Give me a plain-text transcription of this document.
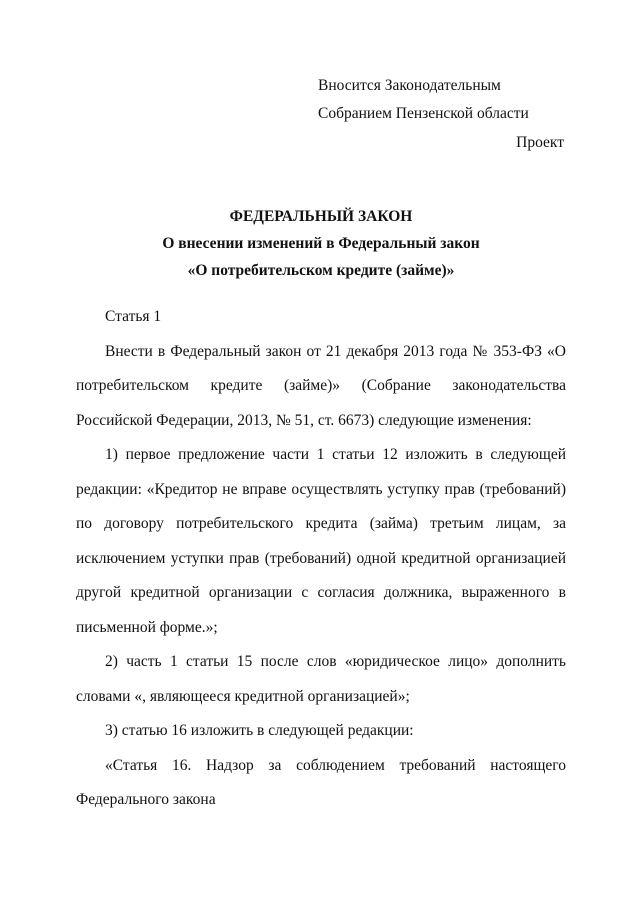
Вносится Законодательным
Собранием Пензенской области
Проект
ФЕДЕРАЛЬНЫЙ ЗАКОН
О внесении изменений в Федеральный закон
«О потребительском кредите (займе)»

Статья 1

Внести в Федеральный закон от 21 декабря 2013 года № 353-ФЗ «О потребительском кредите (займе)» (Собрание законодательства Российской Федерации, 2013, № 51, ст. 6673) следующие изменения:

1) первое предложение части 1 статьи 12 изложить в следующей редакции: «Кредитор не вправе осуществлять уступку прав (требований) по договору потребительского кредита (займа) третьим лицам, за исключением уступки прав (требований) одной кредитной организацией другой кредитной организации с согласия должника, выраженного в письменной форме.»;

2) часть 1 статьи 15 после слов «юридическое лицо» дополнить словами «, являющееся кредитной организацией»;

3) статью 16 изложить в следующей редакции:

«Статья 16. Надзор за соблюдением требований настоящего Федерального закона
